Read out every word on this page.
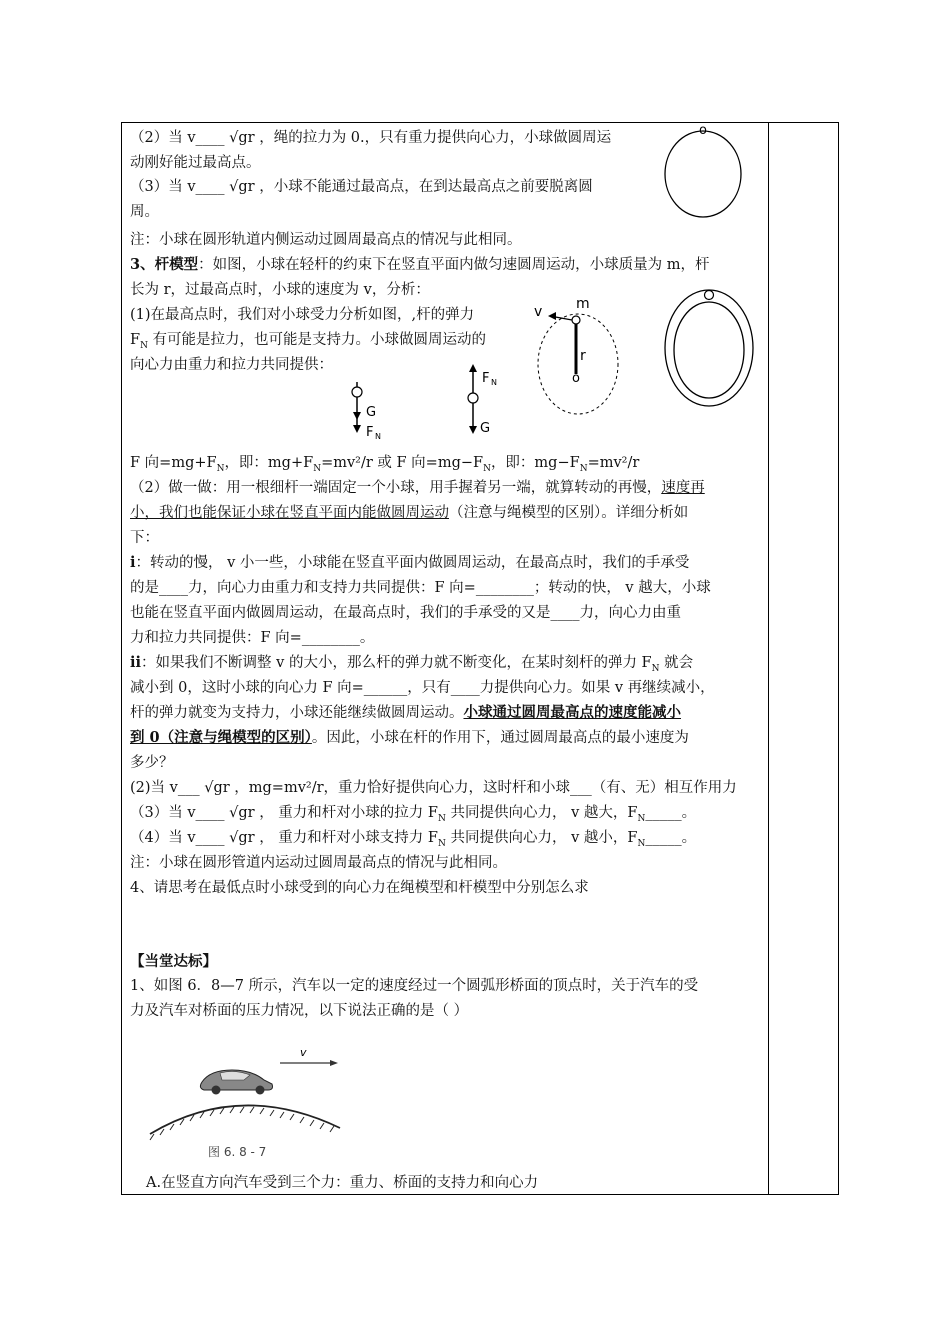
（2）当 v____ √gr ，绳的拉力为 0.，只有重力提供向心力，小球做圆周运
动刚好能过最高点。
（3）当 v____ √gr ，小球不能通过最高点，在到达最高点之前要脱离圆
周。
注：小球在圆形轨道内侧运动过圆周最高点的情况与此相同。
o
3、杆模型：如图，小球在轻杆的约束下在竖直平面内做匀速圆周运动，小球质量为 m，杆
长为 r，过最高点时，小球的速度为 v，分析：
(1)在最高点时，我们对小球受力分析如图，,杆的弹力
$F_N$ 有可能是拉力，也可能是支持力。小球做圆周运动的
向心力由重力和拉力共同提供：
G
F N
F N
G
v m
r
o
F 向$=mg+F_N$，即：$mg+F_N=mv^2/r$ 或 F 向$=mg-F_N$，即：$mg-F_N=mv^2/r$
（2）做一做：用一根细杆一端固定一个小球，用手握着另一端，就算转动的再慢，速度再
小，我们也能保证小球在竖直平面内能做圆周运动（注意与绳模型的区别）。详细分析如
下：
i：转动的慢， v 小一些，小球能在竖直平面内做圆周运动，在最高点时，我们的手承受
的是____力，向心力由重力和支持力共同提供：F 向=________；转动的快， v 越大，小球
也能在竖直平面内做圆周运动，在最高点时，我们的手承受的又是____力，向心力由重
力和拉力共同提供：F 向=________。
ii：如果我们不断调整 v 的大小，那么杆的弹力就不断变化，在某时刻杆的弹力 $F_N$ 就会
减小到 0，这时小球的向心力 F 向=______，只有____力提供向心力。如果 v 再继续减小，
杆的弹力就变为支持力，小球还能继续做圆周运动。小球通过圆周最高点的速度能减小
到 0（注意与绳模型的区别）。因此，小球在杆的作用下，通过圆周最高点的最小速度为
多少？
(2)当 v___ √gr ，mg=mv²/r，重力恰好提供向心力，这时杆和小球___（有、无）相互作用力
（3）当 v____ √gr ， 重力和杆对小球的拉力 $F_N$ 共同提供向心力， v 越大，$F_N\_\_\_\_\_$。
（4）当 v____ √gr ， 重力和杆对小球支持力 $F_N$ 共同提供向心力， v 越小，$F_N\_\_\_\_\_$。
注：小球在圆形管道内运动过圆周最高点的情况与此相同。
4、请思考在最低点时小球受到的向心力在绳模型和杆模型中分别怎么求
【当堂达标】
1、如图 6．8—7 所示，汽车以一定的速度经过一个圆弧形桥面的顶点时，关于汽车的受
力及汽车对桥面的压力情况，以下说法正确的是（ ）
v
图 6. 8 - 7
A.在竖直方向汽车受到三个力：重力、桥面的支持力和向心力
